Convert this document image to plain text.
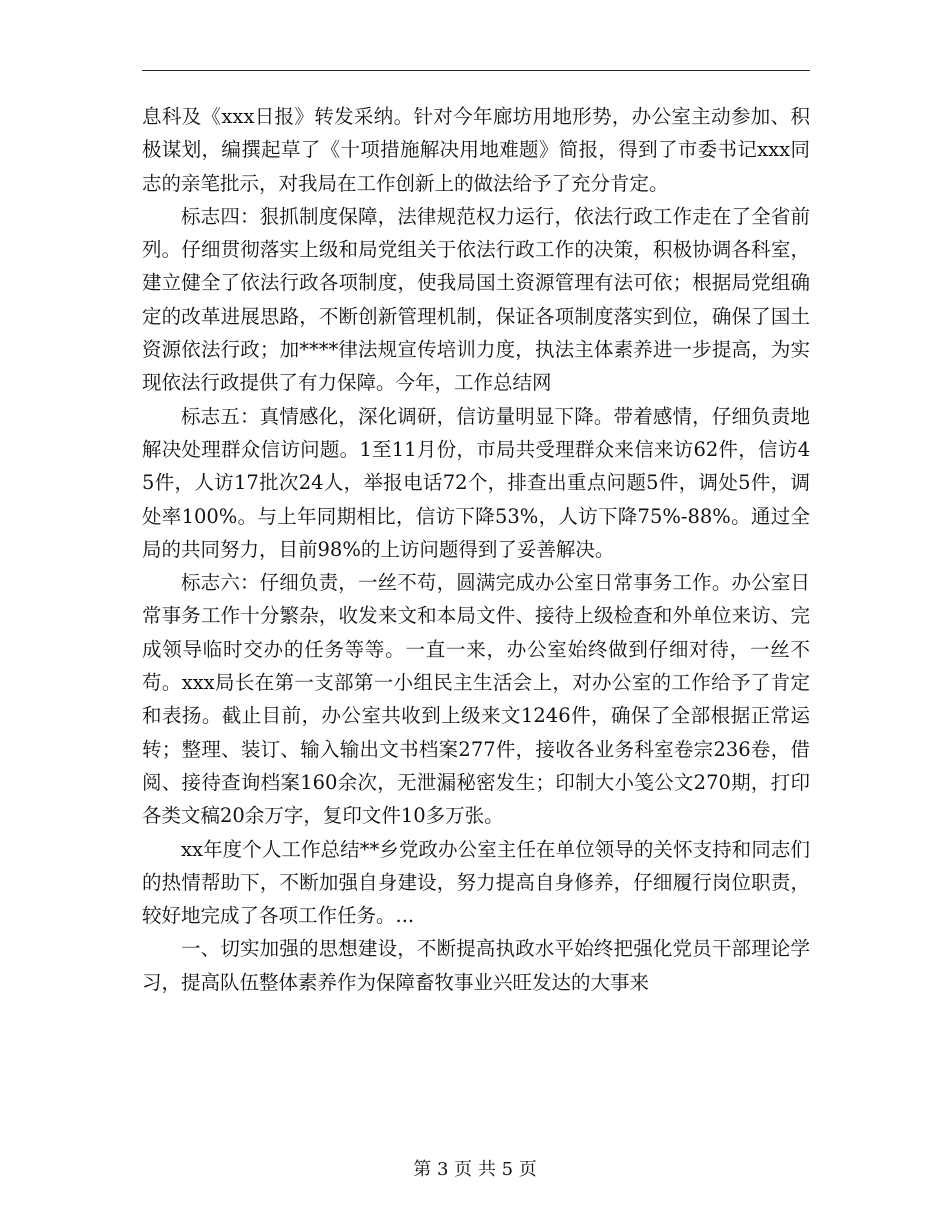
息科及《xxx日报》转发采纳。针对今年廊坊用地形势，办公室主动参加、积极谋划，编撰起草了《十项措施解决用地难题》简报，得到了市委书记xxx同志的亲笔批示，对我局在工作创新上的做法给予了充分肯定。

标志四：狠抓制度保障，法律规范权力运行，依法行政工作走在了全省前列。仔细贯彻落实上级和局党组关于依法行政工作的决策，积极协调各科室，建立健全了依法行政各项制度，使我局国土资源管理有法可依；根据局党组确定的改革进展思路，不断创新管理机制，保证各项制度落实到位，确保了国土资源依法行政；加****律法规宣传培训力度，执法主体素养进一步提高，为实现依法行政提供了有力保障。今年，工作总结网

标志五：真情感化，深化调研，信访量明显下降。带着感情，仔细负责地解决处理群众信访问题。1至11月份，市局共受理群众来信来访62件，信访45件，人访17批次24人，举报电话72个，排查出重点问题5件，调处5件，调处率100%。与上年同期相比，信访下降53%，人访下降75%-88%。通过全局的共同努力，目前98%的上访问题得到了妥善解决。

标志六：仔细负责，一丝不苟，圆满完成办公室日常事务工作。办公室日常事务工作十分繁杂，收发来文和本局文件、接待上级检查和外单位来访、完成领导临时交办的任务等等。一直一来，办公室始终做到仔细对待，一丝不苟。xxx局长在第一支部第一小组民主生活会上，对办公室的工作给予了肯定和表扬。截止目前，办公室共收到上级来文1246件，确保了全部根据正常运转；整理、装订、输入输出文书档案277件，接收各业务科室卷宗236卷，借阅、接待查询档案160余次，无泄漏秘密发生；印制大小笺公文270期，打印各类文稿20余万字，复印文件10多万张。

xx年度个人工作总结**乡党政办公室主任在单位领导的关怀支持和同志们的热情帮助下，不断加强自身建设，努力提高自身修养，仔细履行岗位职责，较好地完成了各项工作任务。...

一、切实加强的思想建设，不断提高执政水平始终把强化党员干部理论学习，提高队伍整体素养作为保障畜牧事业兴旺发达的大事来

第 3 页 共 5 页
